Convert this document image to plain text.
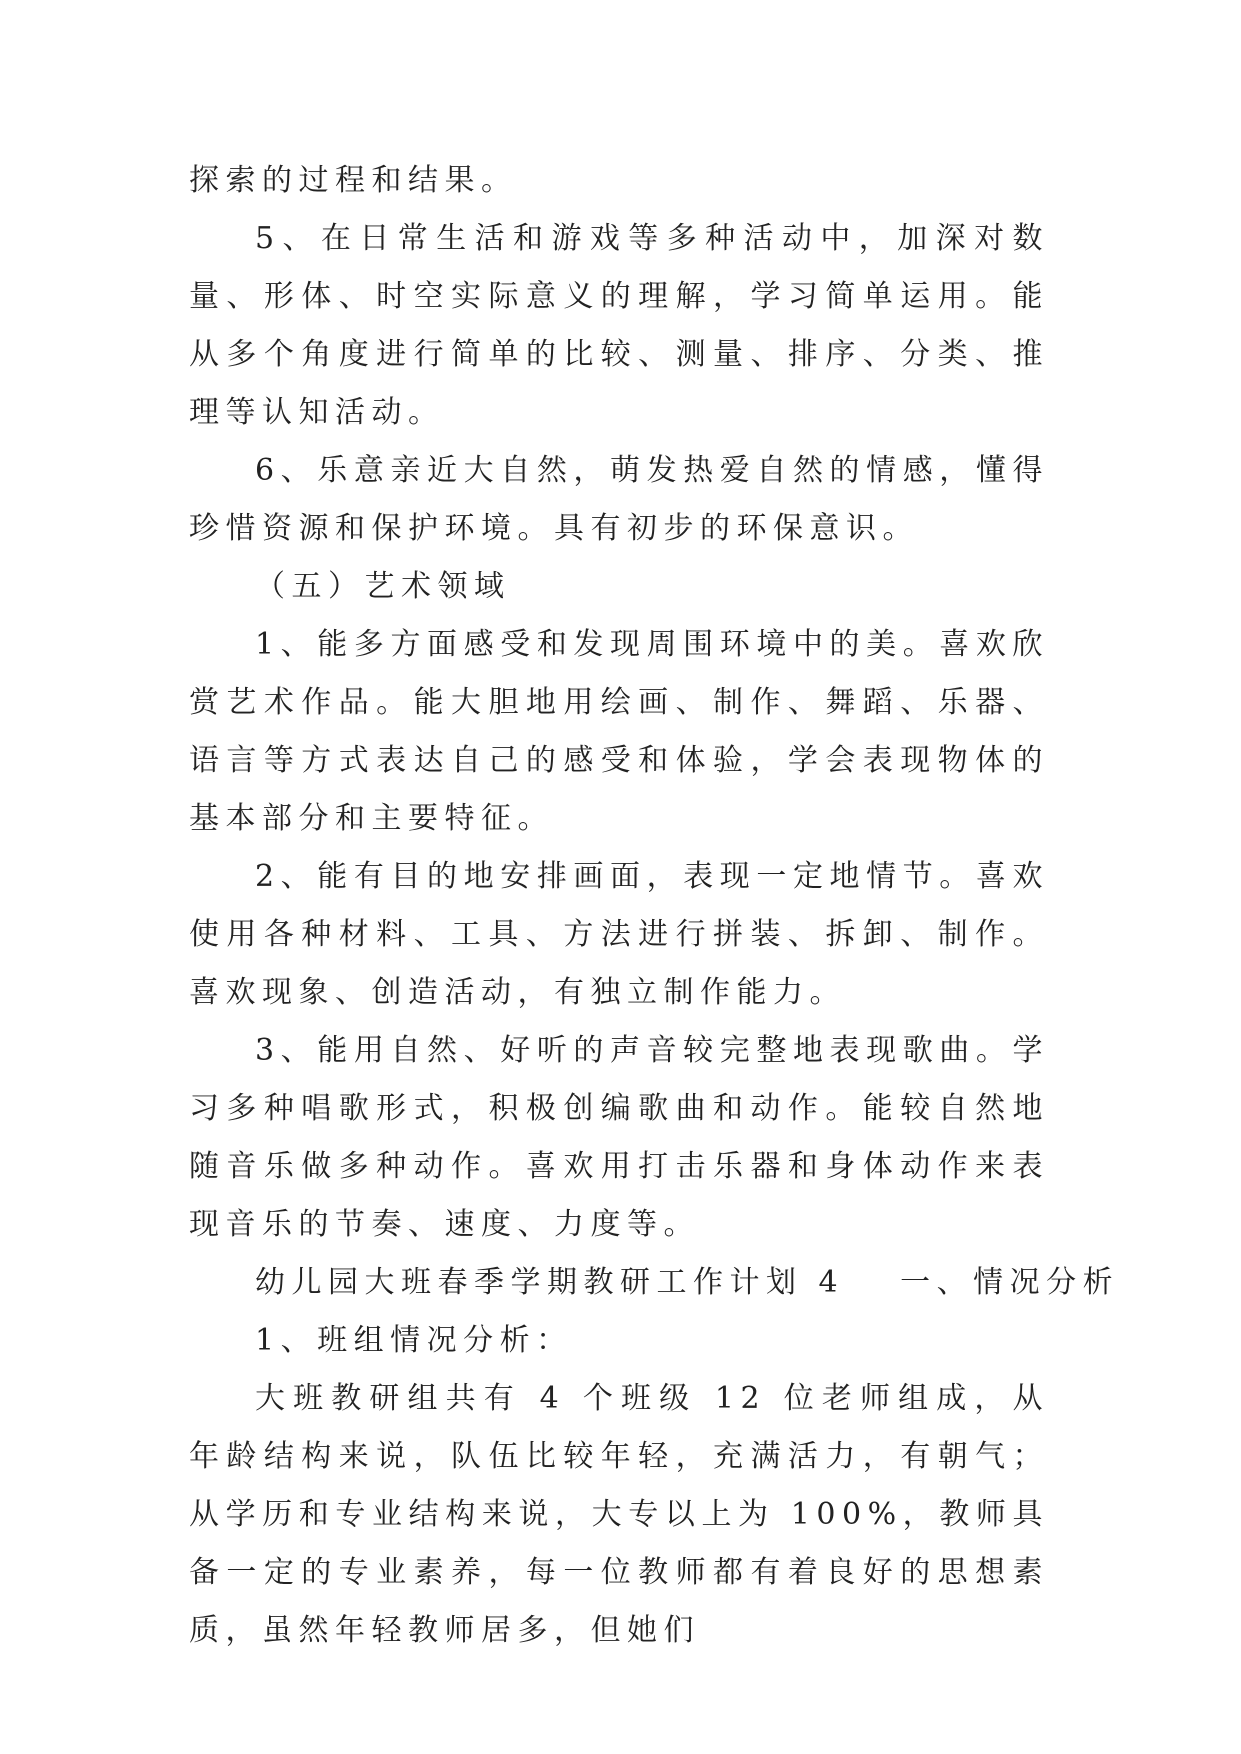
探索的过程和结果。

5、在日常生活和游戏等多种活动中，加深对数量、形体、时空实际意义的理解，学习简单运用。能从多个角度进行简单的比较、测量、排序、分类、推理等认知活动。

6、乐意亲近大自然，萌发热爱自然的情感，懂得珍惜资源和保护环境。具有初步的环保意识。

（五）艺术领域

1、能多方面感受和发现周围环境中的美。喜欢欣赏艺术作品。能大胆地用绘画、制作、舞蹈、乐器、语言等方式表达自己的感受和体验，学会表现物体的基本部分和主要特征。

2、能有目的地安排画面，表现一定地情节。喜欢使用各种材料、工具、方法进行拼装、拆卸、制作。喜欢现象、创造活动，有独立制作能力。

3、能用自然、好听的声音较完整地表现歌曲。学习多种唱歌形式，积极创编歌曲和动作。能较自然地随音乐做多种动作。喜欢用打击乐器和身体动作来表现音乐的节奏、速度、力度等。

幼儿园大班春季学期教研工作计划 4 一、情况分析

1、班组情况分析：

大班教研组共有 4 个班级 12 位老师组成，从年龄结构来说，队伍比较年轻，充满活力，有朝气；从学历和专业结构来说，大专以上为 100%，教师具备一定的专业素养，每一位教师都有着良好的思想素质，虽然年轻教师居多，但她们
